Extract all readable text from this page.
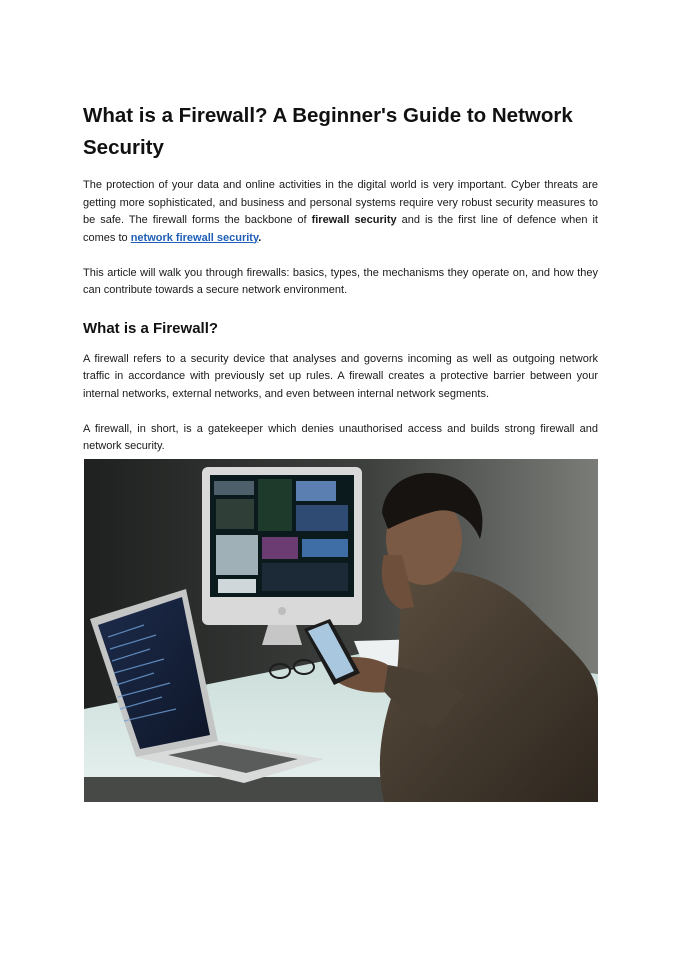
What is a Firewall? A Beginner's Guide to Network Security

The protection of your data and online activities in the digital world is very important. Cyber threats are getting more sophisticated, and business and personal systems require very robust security measures to be safe. The firewall forms the backbone of firewall security and is the first line of defence when it comes to network firewall security.

This article will walk you through firewalls: basics, types, the mechanisms they operate on, and how they can contribute towards a secure network environment.

What is a Firewall?

A firewall refers to a security device that analyses and governs incoming as well as outgoing network traffic in accordance with previously set up rules. A firewall creates a protective barrier between your internal networks, external networks, and even between internal network segments.

A firewall, in short, is a gatekeeper which denies unauthorised access and builds strong firewall and network security.
